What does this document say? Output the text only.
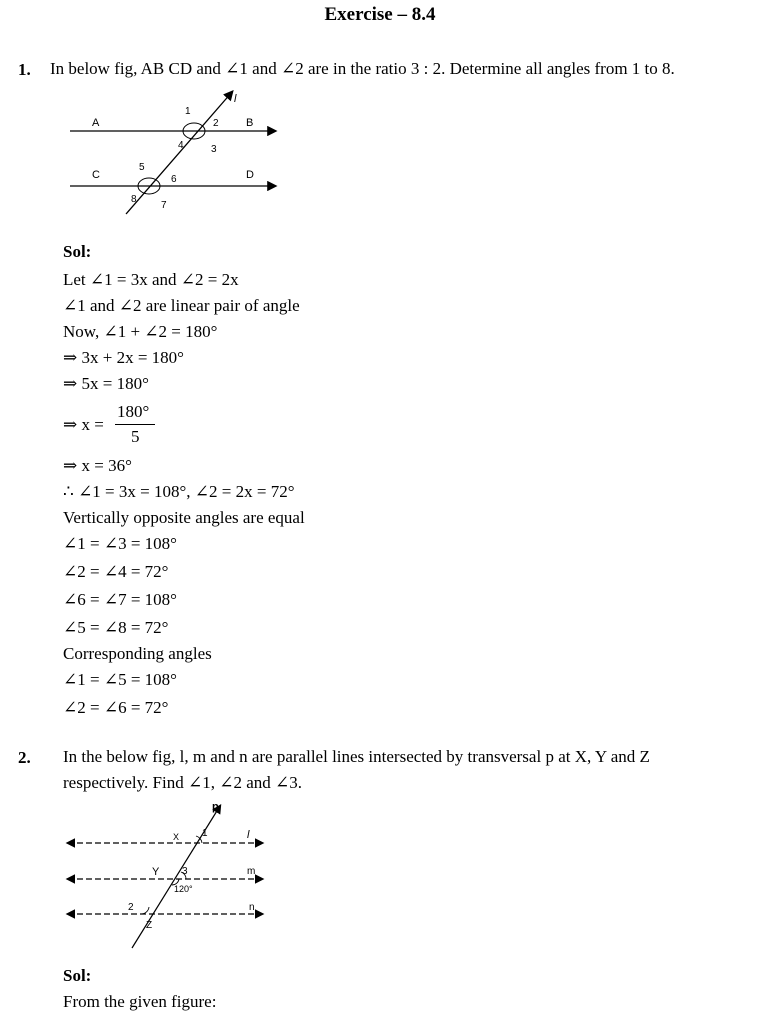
Exercise – 8.4
1. In below fig, AB CD and ∠1 and ∠2 are in the ratio 3 : 2. Determine all angles from 1 to 8.
A	B
C	D
l
1
2
3
4
5
6
7
8
Sol:
Let ∠1 = 3x and ∠2 = 2x
∠1 and ∠2 are linear pair of angle
Now, ∠1 + ∠2 = 180°
⇒ 3x + 2x = 180°
⇒ 5x = 180°
⇒ x =
180°
5
⇒ x = 36°
∴ ∠1 = 3x = 108°, ∠2 = 2x = 72°
Vertically opposite angles are equal
∠1 = ∠3 = 108°
∠2 = ∠4 = 72°
∠6 = ∠7 = 108°
∠5 = ∠8 = 72°
Corresponding angles
∠1 = ∠5 = 108°
∠2 = ∠6 = 72°
2. In the below fig, l, m and n are parallel lines intersected by transversal p at X, Y and Z
respectively. Find ∠1, ∠2 and ∠3.
p
X 1	l
Y 3
120°
m
2	n
Z
Sol:
From the given figure:
